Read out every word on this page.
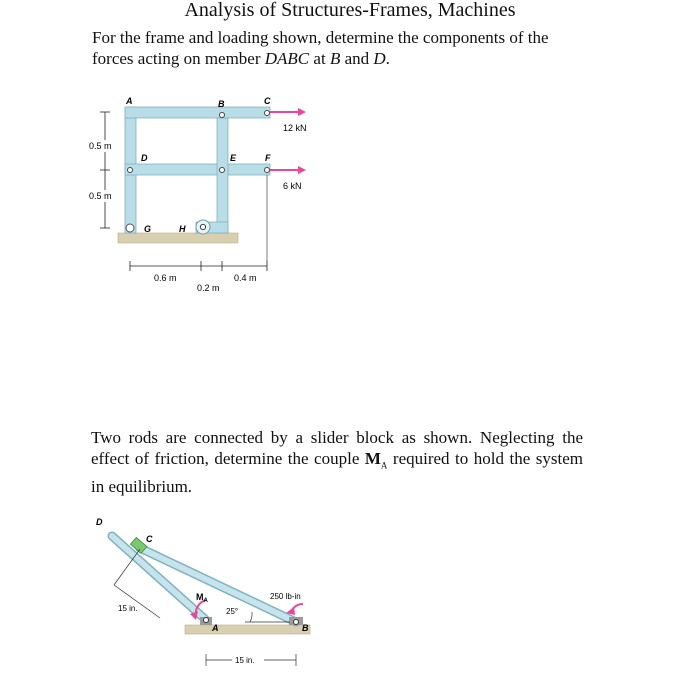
Analysis of Structures-Frames, Machines

For the frame and loading shown, determine the components of the forces acting on member DABC at B and D.

A	B	C
D	E	F
G	H
12 kN
6 kN
0.5 m
0.5 m
0.6 m
0.2 m
0.4 m

Two rods are connected by a slider block as shown. Neglecting the effect of friction, determine the couple $M_A$ required to hold the system in equilibrium.

D
C
A	B
$M_A$
25°
250 lb-in
15 in.
15 in.
